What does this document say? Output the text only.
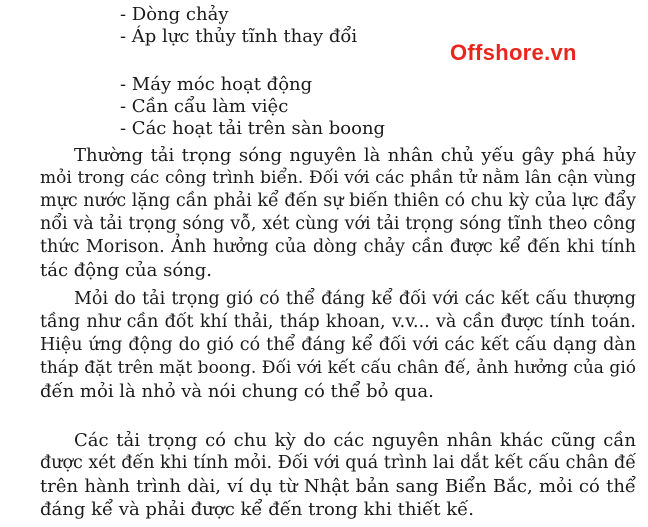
- Dòng chảy
- Áp lực thủy tĩnh thay đổi
Offshore.vn
- Máy móc hoạt động
- Cần cẩu làm việc
- Các hoạt tải trên sàn boong

Thường tải trọng sóng nguyên là nhân chủ yếu gây phá hủy
mỏi trong các công trình biển. Đối với các phần tử nằm lân cận vùng
mực nước lặng cần phải kể đến sự biến thiên có chu kỳ của lực đẩy
nổi và tải trọng sóng vỗ, xét cùng với tải trọng sóng tĩnh theo công
thức Morison. Ảnh hưởng của dòng chảy cần được kể đến khi tính
tác động của sóng.

Mỏi do tải trọng gió có thể đáng kể đối với các kết cấu thượng
tầng như cần đốt khí thải, tháp khoan, v.v... và cần được tính toán.
Hiệu ứng động do gió có thể đáng kể đối với các kết cấu dạng dàn
tháp đặt trên mặt boong. Đối với kết cấu chân đế, ảnh hưởng của gió
đến mỏi là nhỏ và nói chung có thể bỏ qua.

Các tải trọng có chu kỳ do các nguyên nhân khác cũng cần
được xét đến khi tính mỏi. Đối với quá trình lai dắt kết cấu chân đế
trên hành trình dài, ví dụ từ Nhật bản sang Biển Bắc, mỏi có thể
đáng kể và phải được kể đến trong khi thiết kế.
